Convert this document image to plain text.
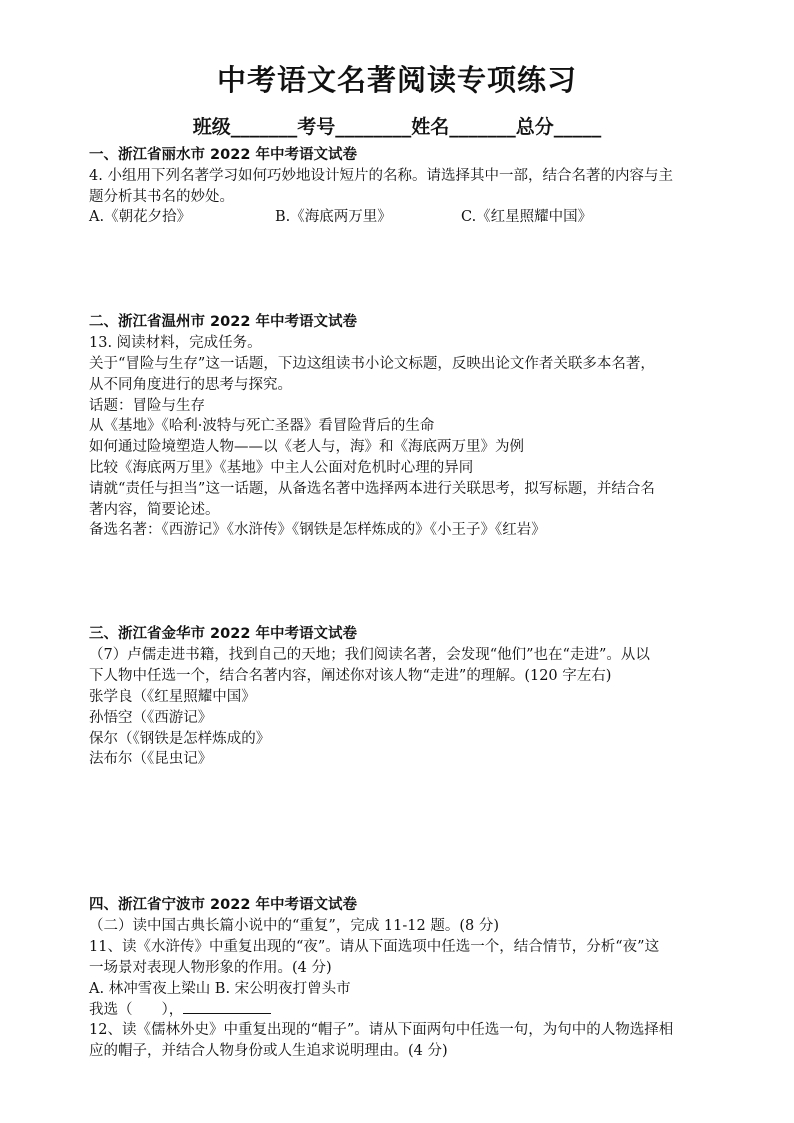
中考语文名著阅读专项练习
班级_______考号________姓名_______总分_____
一、浙江省丽水市 2022 年中考语文试卷
4. 小组用下列名著学习如何巧妙地设计短片的名称。请选择其中一部，结合名著的内容与主
题分析其书名的妙处。
A.《朝花夕拾》	B.《海底两万里》	C.《红星照耀中国》
二、浙江省温州市 2022 年中考语文试卷
13. 阅读材料，完成任务。
关于“冒险与生存”这一话题，下边这组读书小论文标题，反映出论文作者关联多本名著，
从不同角度进行的思考与探究。
话题：冒险与生存
从《基地》《哈利·波特与死亡圣器》看冒险背后的生命
如何通过险境塑造人物——以《老人与，海》和《海底两万里》为例
比较《海底两万里》《基地》中主人公面对危机时心理的异同
请就“责任与担当”这一话题，从备选名著中选择两本进行关联思考，拟写标题，并结合名
著内容，简要论述。
备选名著：《西游记》《水浒传》《钢铁是怎样炼成的》《小王子》《红岩》
三、浙江省金华市 2022 年中考语文试卷
（7）卢儒走进书籍，找到自己的天地；我们阅读名著，会发现“他们”也在“走进”。从以
下人物中任选一个，结合名著内容，阐述你对该人物“走进”的理解。(120 字左右)
张学良（《红星照耀中国》
孙悟空（《西游记》
保尔（《钢铁是怎样炼成的》
法布尔（《昆虫记》
四、浙江省宁波市 2022 年中考语文试卷
（二）读中国古典长篇小说中的“重复”，完成 11-12 题。(8 分)
11、读《水浒传》中重复出现的“夜”。请从下面选项中任选一个，结合情节，分析“夜”这
一场景对表现人物形象的作用。(4 分)
A. 林冲雪夜上梁山 B. 宋公明夜打曾头市
我选（　　），
12、读《儒林外史》中重复出现的“帽子”。请从下面两句中任选一句，为句中的人物选择相
应的帽子，并结合人物身份或人生追求说明理由。(4 分)
